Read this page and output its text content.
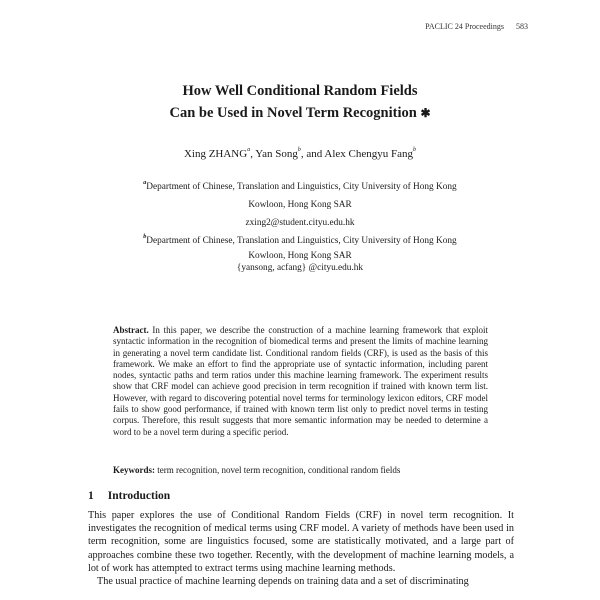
PACLIC 24 Proceedings 583
How Well Conditional Random Fields
Can be Used in Novel Term Recognition ✱
Xing ZHANG$^a$, Yan Song$^b$, and Alex Chengyu Fang$^b$
$^a$Department of Chinese, Translation and Linguistics, City University of Hong Kong
Kowloon, Hong Kong SAR
zxing2@student.cityu.edu.hk
$^b$Department of Chinese, Translation and Linguistics, City University of Hong Kong
Kowloon, Hong Kong SAR
{yansong, acfang} @cityu.edu.hk
Abstract. In this paper, we describe the construction of a machine learning framework that exploit syntactic information in the recognition of biomedical terms and present the limits of machine learning in generating a novel term candidate list. Conditional random fields (CRF), is used as the basis of this framework. We make an effort to find the appropriate use of syntactic information, including parent nodes, syntactic paths and term ratios under this machine learning framework. The experiment results show that CRF model can achieve good precision in term recognition if trained with known term list. However, with regard to discovering potential novel terms for terminology lexicon editors, CRF model fails to show good performance, if trained with known term list only to predict novel terms in testing corpus. Therefore, this result suggests that more semantic information may be needed to determine a word to be a novel term during a specific period.
Keywords: term recognition, novel term recognition, conditional random fields
1 Introduction

This paper explores the use of Conditional Random Fields (CRF) in novel term recognition. It investigates the recognition of medical terms using CRF model. A variety of methods have been used in term recognition, some are linguistics focused, some are statistically motivated, and a large part of approaches combine these two together. Recently, with the development of machine learning models, a lot of work has attempted to extract terms using machine learning methods.

The usual practice of machine learning depends on training data and a set of discriminating
